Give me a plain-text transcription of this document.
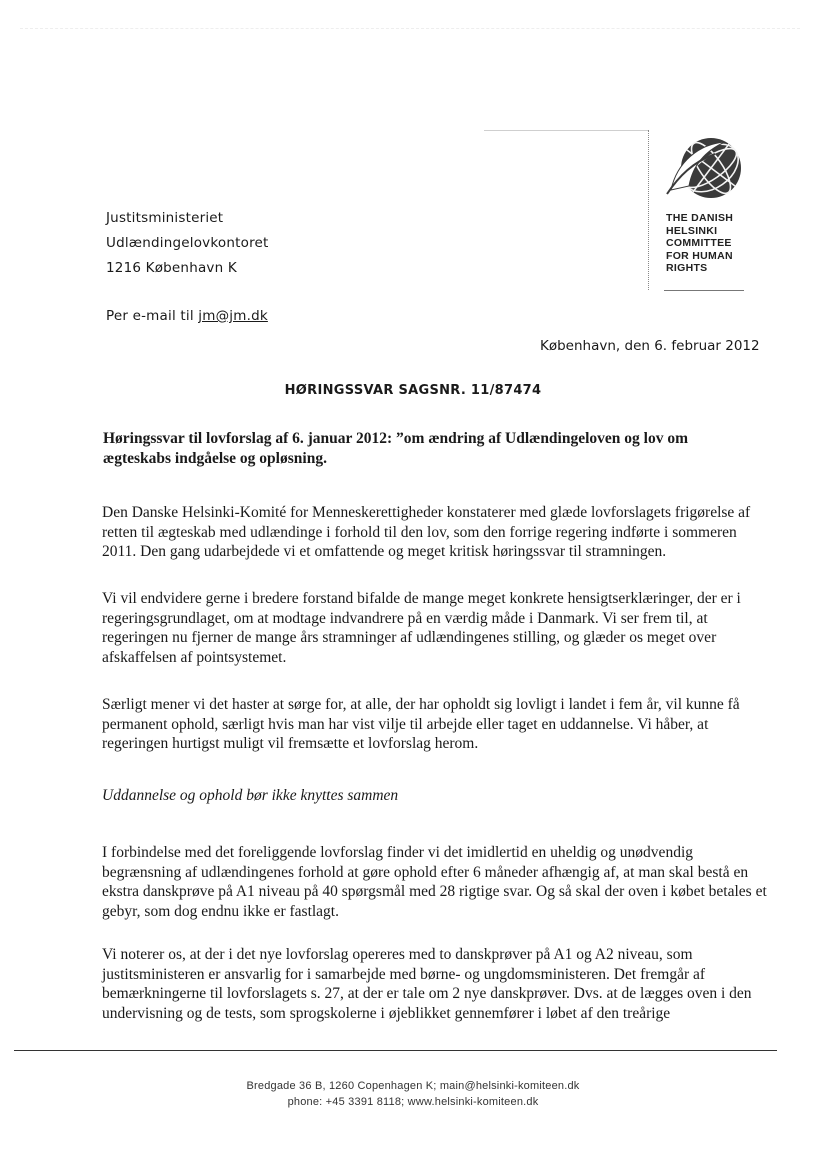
THE DANISH
HELSINKI
COMMITTEE
FOR HUMAN
RIGHTS
Justitsministeriet
Udlændingelovkontoret
1216 København K
Per e-mail til jm@jm.dk
København, den 6. februar 2012
HØRINGSSVAR SAGSNR. 11/87474
Høringssvar til lovforslag af 6. januar 2012: ”om ændring af Udlændingeloven og lov om ægteskabs indgåelse og opløsning.
Den Danske Helsinki-Komité for Menneskerettigheder konstaterer med glæde lovforslagets frigørelse af retten til ægteskab med udlændinge i forhold til den lov, som den forrige regering indførte i sommeren 2011. Den gang udarbejdede vi et omfattende og meget kritisk høringssvar til stramningen.
Vi vil endvidere gerne i bredere forstand bifalde de mange meget konkrete hensigtserklæringer, der er i regeringsgrundlaget, om at modtage indvandrere på en værdig måde i Danmark. Vi ser frem til, at regeringen nu fjerner de mange års stramninger af udlændingenes stilling, og glæder os meget over afskaffelsen af pointsystemet.
Særligt mener vi det haster at sørge for, at alle, der har opholdt sig lovligt i landet i fem år, vil kunne få permanent ophold, særligt hvis man har vist vilje til arbejde eller taget en uddannelse. Vi håber, at regeringen hurtigst muligt vil fremsætte et lovforslag herom.
Uddannelse og ophold bør ikke knyttes sammen
I forbindelse med det foreliggende lovforslag finder vi det imidlertid en uheldig og unødvendig begrænsning af udlændingenes forhold at gøre ophold efter 6 måneder afhængig af, at man skal bestå en ekstra danskprøve på A1 niveau på 40 spørgsmål med 28 rigtige svar. Og så skal der oven i købet betales et gebyr, som dog endnu ikke er fastlagt.
Vi noterer os, at der i det nye lovforslag opereres med to danskprøver på A1 og A2 niveau, som justitsministeren er ansvarlig for i samarbejde med børne- og ungdomsministeren. Det fremgår af bemærkningerne til lovforslagets s. 27, at der er tale om 2 nye danskprøver. Dvs. at de lægges oven i den undervisning og de tests, som sprogskolerne i øjeblikket gennemfører i løbet af den treårige
Bredgade 36 B, 1260 Copenhagen K; main@helsinki-komiteen.dk
phone: +45 3391 8118; www.helsinki-komiteen.dk
